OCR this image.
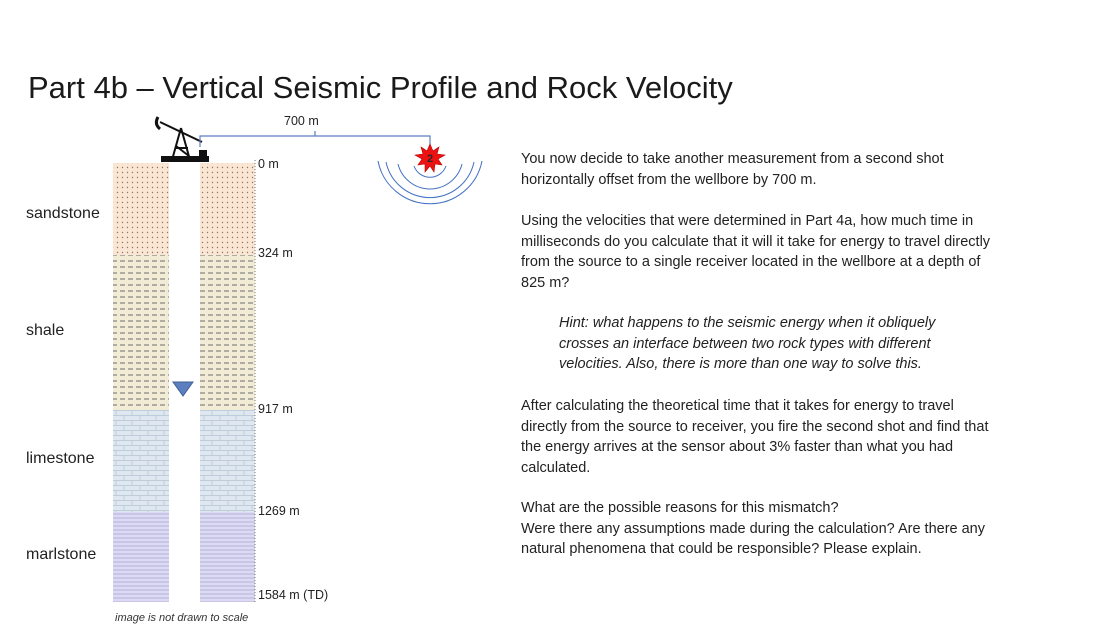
Part 4b – Vertical Seismic Profile and Rock Velocity
2
700 m
sandstone
shale
limestone
marlstone
0 m
324 m
917 m
1269 m
1584 m (TD)
image is not drawn to scale

You now decide to take another measurement from a second shot horizontally offset from the wellbore by 700 m.

Using the velocities that were determined in Part 4a, how much time in milliseconds do you calculate that it will it take for energy to travel directly from the source to a single receiver located in the wellbore at a depth of 825 m?

Hint: what happens to the seismic energy when it obliquely crosses an interface between two rock types with different velocities. Also, there is more than one way to solve this.

After calculating the theoretical time that it takes for energy to travel directly from the source to receiver, you fire the second shot and find that the energy arrives at the sensor about 3% faster than what you had calculated.

What are the possible reasons for this mismatch?

Were there any assumptions made during the calculation? Are there any natural phenomena that could be responsible? Please explain.
